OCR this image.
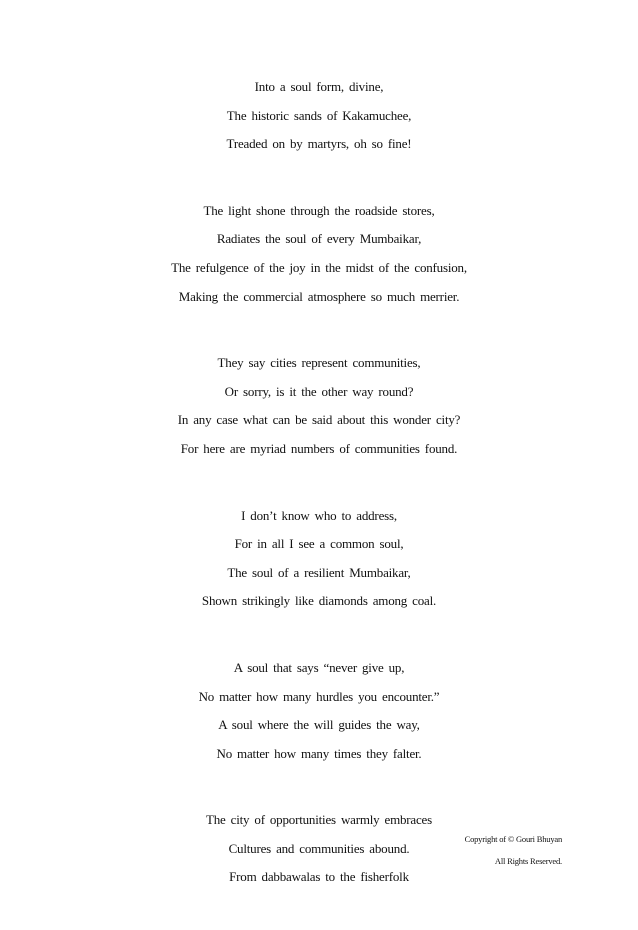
Into a soul form, divine,
The historic sands of Kakamuchee,
Treaded on by martyrs, oh so fine!
The light shone through the roadside stores,
Radiates the soul of every Mumbaikar,
The refulgence of the joy in the midst of the confusion,
Making the commercial atmosphere so much merrier.
They say cities represent communities,
Or sorry, is it the other way round?
In any case what can be said about this wonder city?
For here are myriad numbers of communities found.
I don’t know who to address,
For in all I see a common soul,
The soul of a resilient Mumbaikar,
Shown strikingly like diamonds among coal.
A soul that says “never give up,
No matter how many hurdles you encounter.”
A soul where the will guides the way,
No matter how many times they falter.
The city of opportunities warmly embraces
Cultures and communities abound.
From dabbawalas to the fisherfolk
Copyright of © Gouri Bhuyan
All Rights Reserved.
